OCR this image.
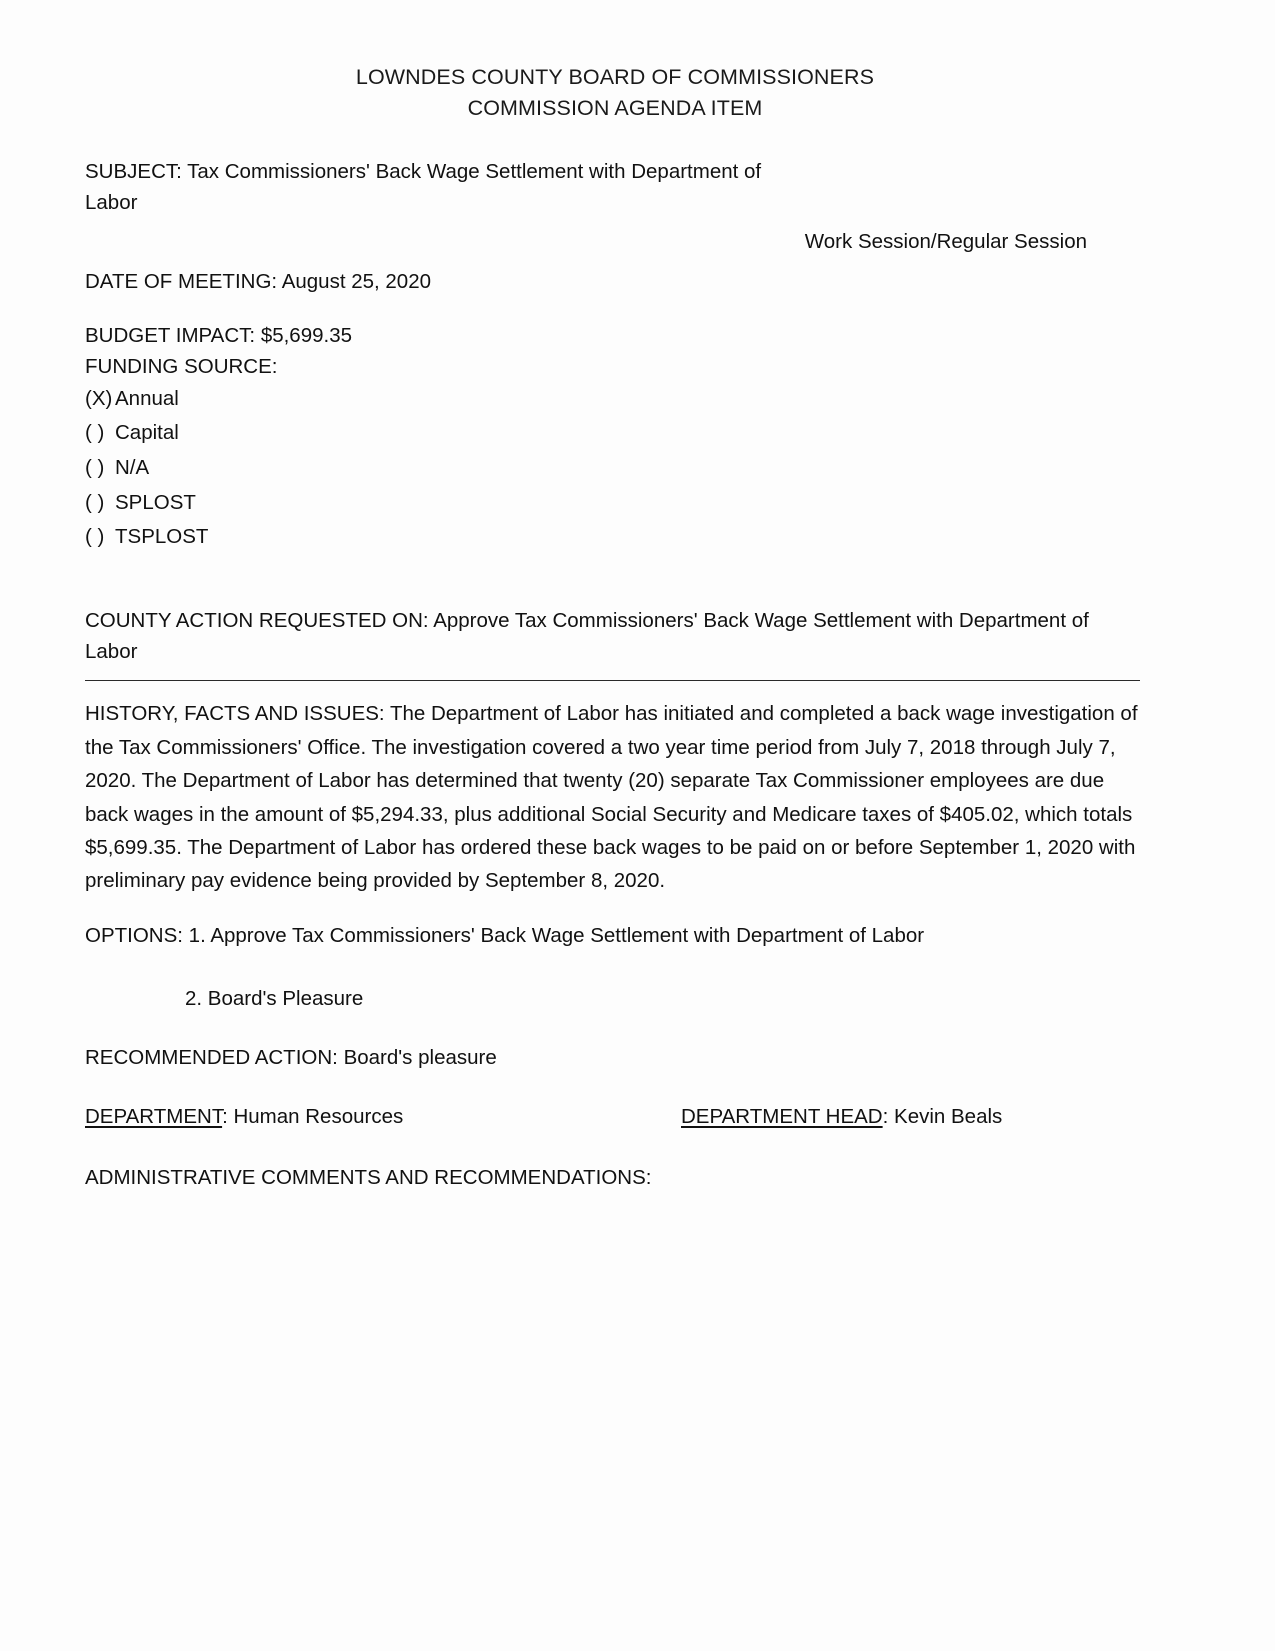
LOWNDES COUNTY BOARD OF COMMISSIONERS
COMMISSION AGENDA ITEM
SUBJECT: Tax Commissioners' Back Wage Settlement with Department of
Labor
Work Session/Regular Session
DATE OF MEETING: August 25, 2020
BUDGET IMPACT: $5,699.35
FUNDING SOURCE:
(X) Annual
( ) Capital
( ) N/A
( ) SPLOST
( ) TSPLOST
COUNTY ACTION REQUESTED ON: Approve Tax Commissioners' Back Wage Settlement with Department of
Labor
HISTORY, FACTS AND ISSUES: The Department of Labor has initiated and completed a back wage investigation of the Tax Commissioners' Office. The investigation covered a two year time period from July 7, 2018 through July 7, 2020. The Department of Labor has determined that twenty (20) separate Tax Commissioner employees are due back wages in the amount of $5,294.33, plus additional Social Security and Medicare taxes of $405.02, which totals $5,699.35. The Department of Labor has ordered these back wages to be paid on or before September 1, 2020 with preliminary pay evidence being provided by September 8, 2020.
OPTIONS: 1. Approve Tax Commissioners' Back Wage Settlement with Department of Labor
2. Board's Pleasure
RECOMMENDED ACTION: Board's pleasure
DEPARTMENT: Human Resources	DEPARTMENT HEAD: Kevin Beals
ADMINISTRATIVE COMMENTS AND RECOMMENDATIONS:
